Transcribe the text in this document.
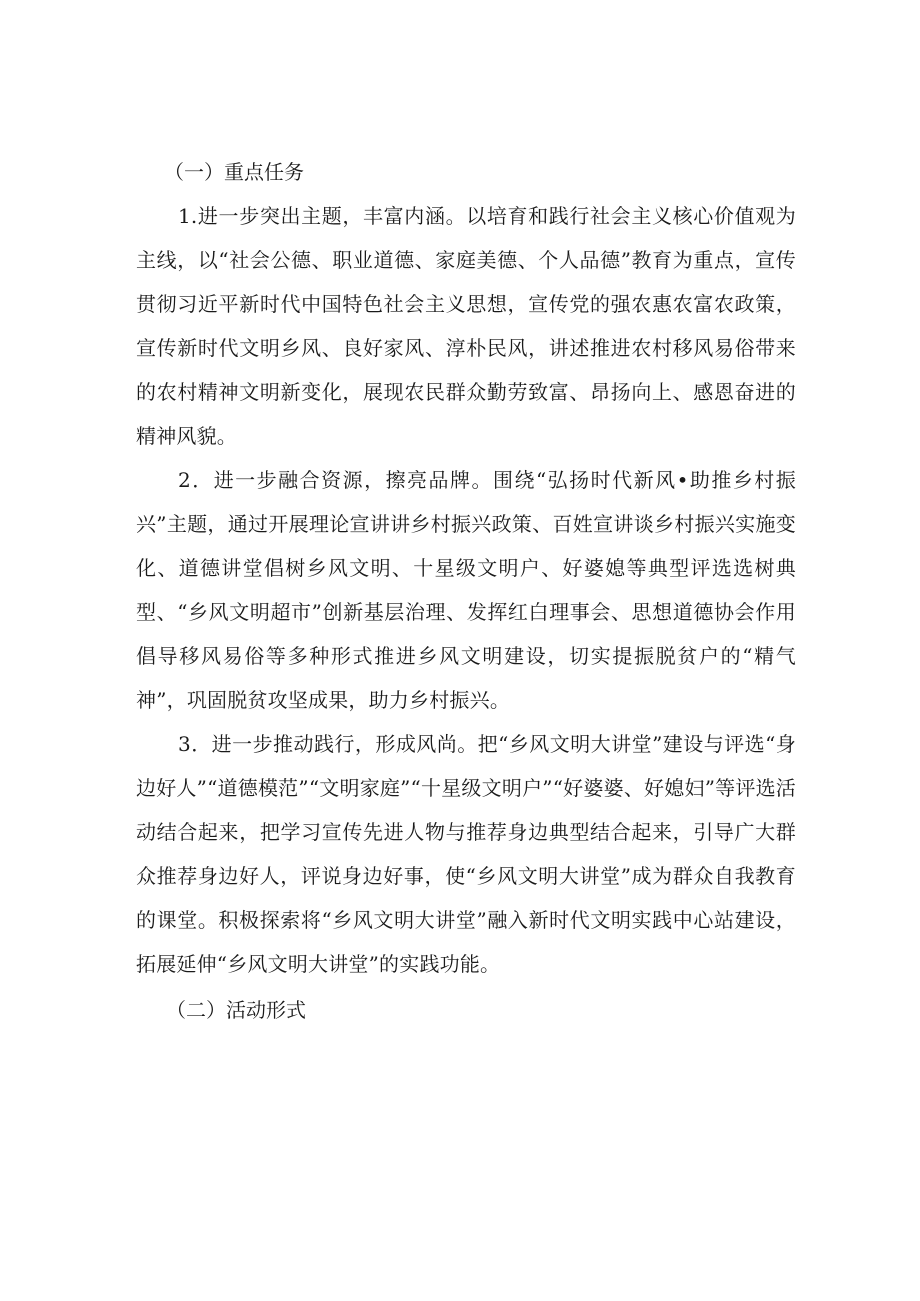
（一）重点任务

1.进一步突出主题，丰富内涵。以培育和践行社会主义核心价值观为主线，以“社会公德、职业道德、家庭美德、个人品德”教育为重点，宣传贯彻习近平新时代中国特色社会主义思想，宣传党的强农惠农富农政策，宣传新时代文明乡风、良好家风、淳朴民风，讲述推进农村移风易俗带来的农村精神文明新变化，展现农民群众勤劳致富、昂扬向上、感恩奋进的精神风貌。

2．进一步融合资源，擦亮品牌。围绕“弘扬时代新风•助推乡村振兴”主题，通过开展理论宣讲讲乡村振兴政策、百姓宣讲谈乡村振兴实施变化、道德讲堂倡树乡风文明、十星级文明户、好婆媳等典型评选选树典型、“乡风文明超市”创新基层治理、发挥红白理事会、思想道德协会作用倡导移风易俗等多种形式推进乡风文明建设，切实提振脱贫户的“精气神”，巩固脱贫攻坚成果，助力乡村振兴。

3．进一步推动践行，形成风尚。把“乡风文明大讲堂”建设与评选“身边好人”“道德模范”“文明家庭”“十星级文明户”“好婆婆、好媳妇”等评选活动结合起来，把学习宣传先进人物与推荐身边典型结合起来，引导广大群众推荐身边好人，评说身边好事，使“乡风文明大讲堂”成为群众自我教育的课堂。积极探索将“乡风文明大讲堂”融入新时代文明实践中心站建设，拓展延伸“乡风文明大讲堂”的实践功能。

（二）活动形式
